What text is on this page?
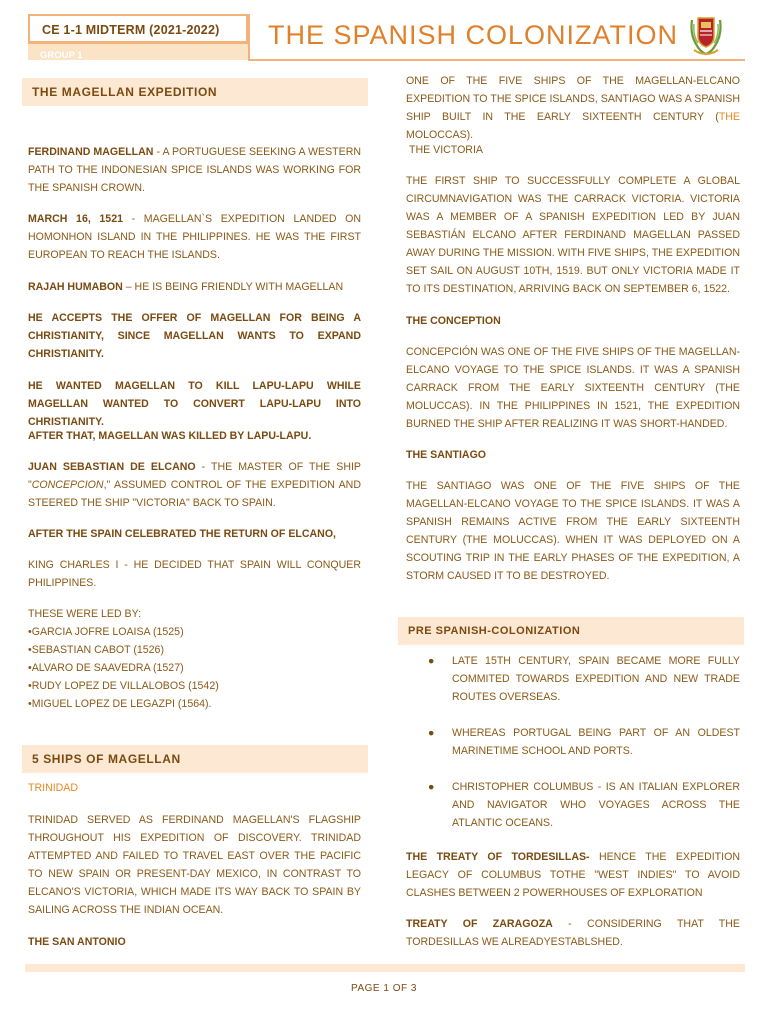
CE 1-1 MIDTERM (2021-2022)
GROUP 1
THE SPANISH COLONIZATION
THE MAGELLAN EXPEDITION
FERDINAND MAGELLAN - A PORTUGUESE SEEKING A WESTERN PATH TO THE INDONESIAN SPICE ISLANDS WAS WORKING FOR THE SPANISH CROWN.
MARCH 16, 1521 - MAGELLAN`S EXPEDITION LANDED ON HOMONHON ISLAND IN THE PHILIPPINES. HE WAS THE FIRST EUROPEAN TO REACH THE ISLANDS.
RAJAH HUMABON – HE IS BEING FRIENDLY WITH MAGELLAN
HE ACCEPTS THE OFFER OF MAGELLAN FOR BEING A CHRISTIANITY, SINCE MAGELLAN WANTS TO EXPAND CHRISTIANITY.
HE WANTED MAGELLAN TO KILL LAPU-LAPU WHILE MAGELLAN WANTED TO CONVERT LAPU-LAPU INTO CHRISTIANITY.
AFTER THAT, MAGELLAN WAS KILLED BY LAPU-LAPU.
JUAN SEBASTIAN DE ELCANO - THE MASTER OF THE SHIP "CONCEPCION," ASSUMED CONTROL OF THE EXPEDITION AND STEERED THE SHIP "VICTORIA" BACK TO SPAIN.
AFTER THE SPAIN CELEBRATED THE RETURN OF ELCANO,
KING CHARLES I - HE DECIDED THAT SPAIN WILL CONQUER PHILIPPINES.
THESE WERE LED BY:
•GARCIA JOFRE LOAISA (1525)
•SEBASTIAN CABOT (1526)
•ALVARO DE SAAVEDRA (1527)
•RUDY LOPEZ DE VILLALOBOS (1542)
•MIGUEL LOPEZ DE LEGAZPI (1564).
5 SHIPS OF MAGELLAN
TRINIDAD
TRINIDAD SERVED AS FERDINAND MAGELLAN'S FLAGSHIP THROUGHOUT HIS EXPEDITION OF DISCOVERY. TRINIDAD ATTEMPTED AND FAILED TO TRAVEL EAST OVER THE PACIFIC TO NEW SPAIN OR PRESENT-DAY MEXICO, IN CONTRAST TO ELCANO'S VICTORIA, WHICH MADE ITS WAY BACK TO SPAIN BY SAILING ACROSS THE INDIAN OCEAN.
THE SAN ANTONIO
ONE OF THE FIVE SHIPS OF THE MAGELLAN-ELCANO EXPEDITION TO THE SPICE ISLANDS, SANTIAGO WAS A SPANISH SHIP BUILT IN THE EARLY SIXTEENTH CENTURY (THE MOLOCCAS).
THE VICTORIA
THE FIRST SHIP TO SUCCESSFULLY COMPLETE A GLOBAL CIRCUMNAVIGATION WAS THE CARRACK VICTORIA. VICTORIA WAS A MEMBER OF A SPANISH EXPEDITION LED BY JUAN SEBASTIÁN ELCANO AFTER FERDINAND MAGELLAN PASSED AWAY DURING THE MISSION. WITH FIVE SHIPS, THE EXPEDITION SET SAIL ON AUGUST 10TH, 1519. BUT ONLY VICTORIA MADE IT TO ITS DESTINATION, ARRIVING BACK ON SEPTEMBER 6, 1522.
THE CONCEPTION
CONCEPCIÓN WAS ONE OF THE FIVE SHIPS OF THE MAGELLAN-ELCANO VOYAGE TO THE SPICE ISLANDS. IT WAS A SPANISH CARRACK FROM THE EARLY SIXTEENTH CENTURY (THE MOLUCCAS). IN THE PHILIPPINES IN 1521, THE EXPEDITION BURNED THE SHIP AFTER REALIZING IT WAS SHORT-HANDED.
THE SANTIAGO
THE SANTIAGO WAS ONE OF THE FIVE SHIPS OF THE MAGELLAN-ELCANO VOYAGE TO THE SPICE ISLANDS. IT WAS A SPANISH REMAINS ACTIVE FROM THE EARLY SIXTEENTH CENTURY (THE MOLUCCAS). WHEN IT WAS DEPLOYED ON A SCOUTING TRIP IN THE EARLY PHASES OF THE EXPEDITION, A STORM CAUSED IT TO BE DESTROYED.
PRE SPANISH-COLONIZATION
● LATE 15TH CENTURY, SPAIN BECAME MORE FULLY COMMITED TOWARDS EXPEDITION AND NEW TRADE ROUTES OVERSEAS.
● WHEREAS PORTUGAL BEING PART OF AN OLDEST MARINETIME SCHOOL AND PORTS.
● CHRISTOPHER COLUMBUS - IS AN ITALIAN EXPLORER AND NAVIGATOR WHO VOYAGES ACROSS THE ATLANTIC OCEANS.
THE TREATY OF TORDESILLAS- HENCE THE EXPEDITION LEGACY OF COLUMBUS TOTHE "WEST INDIES" TO AVOID CLASHES BETWEEN 2 POWERHOUSES OF EXPLORATION
TREATY OF ZARAGOZA - CONSIDERING THAT THE TORDESILLAS WE ALREADYESTABLSHED.
PAGE 1 OF 3
